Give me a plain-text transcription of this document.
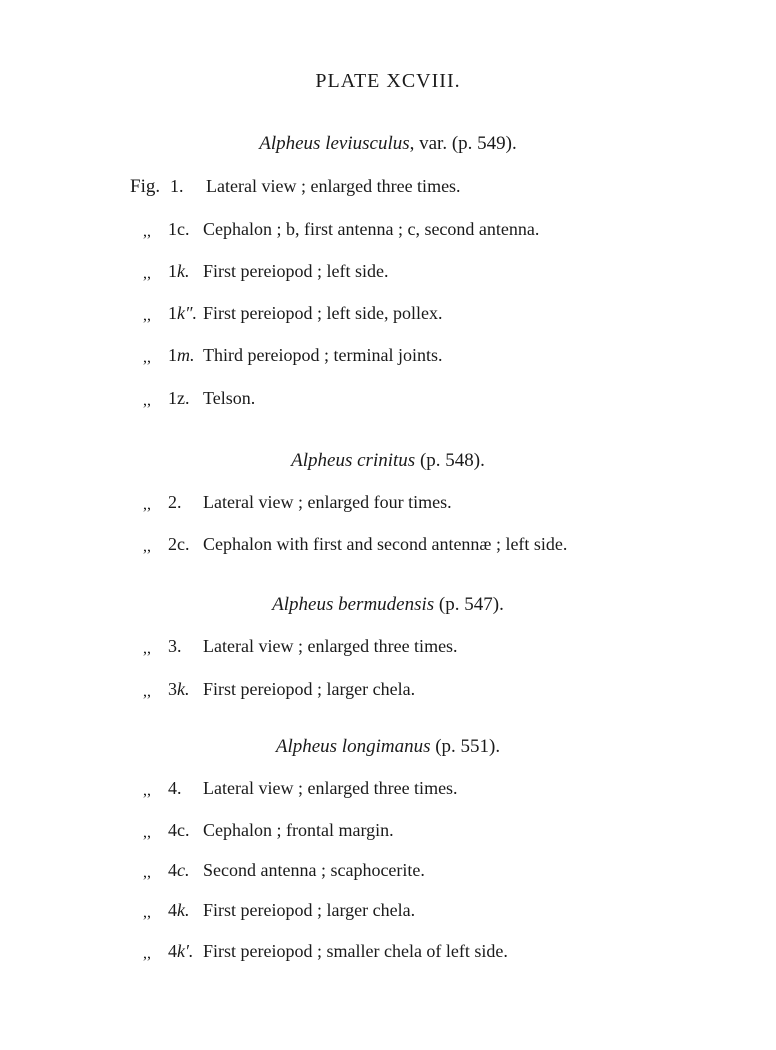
PLATE XCVIII.
Alpheus leviusculus, var. (p. 549).
Fig. 1. Lateral view ; enlarged three times.
,, 1c. Cephalon ; b, first antenna ; c, second antenna.
,, 1k. First pereiopod ; left side.
,, 1k″. First pereiopod ; left side, pollex.
,, 1m. Third pereiopod ; terminal joints.
,, 1z. Telson.
Alpheus crinitus (p. 548).
,, 2. Lateral view ; enlarged four times.
,, 2c. Cephalon with first and second antennæ ; left side.
Alpheus bermudensis (p. 547).
,, 3. Lateral view ; enlarged three times.
,, 3k. First pereiopod ; larger chela.
Alpheus longimanus (p. 551).
,, 4. Lateral view ; enlarged three times.
,, 4c. Cephalon ; frontal margin.
,, 4c. Second antenna ; scaphocerite.
,, 4k. First pereiopod ; larger chela.
,, 4k′. First pereiopod ; smaller chela of left side.
